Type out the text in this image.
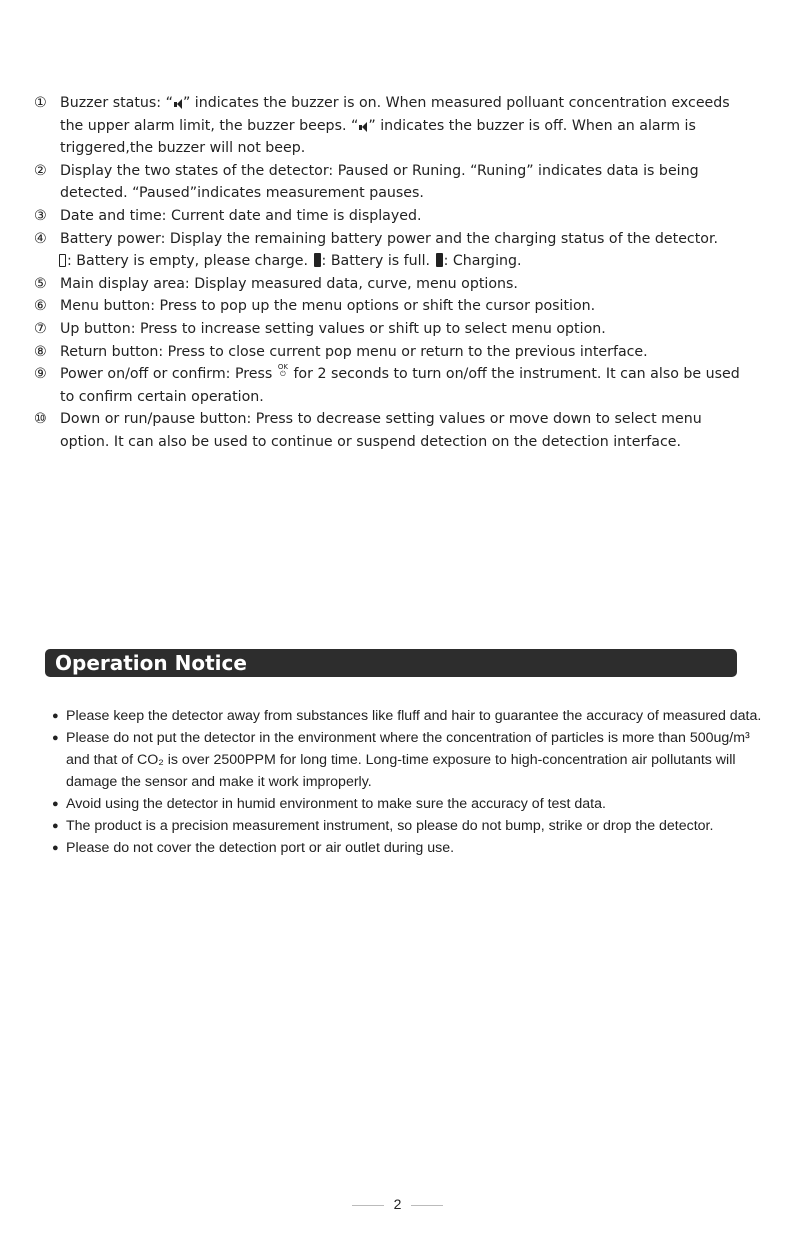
① Buzzer status: “ ” indicates the buzzer is on. When measured polluant concentration exceeds the upper alarm limit, the buzzer beeps. “ ” indicates the buzzer is off. When an alarm is triggered,the buzzer will not beep.
② Display the two states of the detector: Paused or Runing. “Runing” indicates data is being detected. “Paused”indicates measurement pauses.
③ Date and time: Current date and time is displayed.
④ Battery power: Display the remaining battery power and the charging status of the detector.
: Battery is empty, please charge. : Battery is full. : Charging.
⑤ Main display area: Display measured data, curve, menu options.
⑥ Menu button: Press to pop up the menu options or shift the cursor position.
⑦ Up button: Press to increase setting values or shift up to select menu option.
⑧ Return button: Press to close current pop menu or return to the previous interface.
⑨ Power on/off or confirm: Press OK
⏻ for 2 seconds to turn on/off the instrument. It can also be used to confirm certain operation.
⑩ Down or run/pause button: Press to decrease setting values or move down to select menu option. It can also be used to continue or suspend detection on the detection interface.
Operation Notice
● Please keep the detector away from substances like fluff and hair to guarantee the accuracy of measured data.
● Please do not put the detector in the environment where the concentration of particles is more than 500ug/m³ and that of CO₂ is over 2500PPM for long time. Long-time exposure to high-concentration air pollutants will damage the sensor and make it work improperly.
● Avoid using the detector in humid environment to make sure the accuracy of test data.
● The product is a precision measurement instrument, so please do not bump, strike or drop the detector.
● Please do not cover the detection port or air outlet during use.
2
